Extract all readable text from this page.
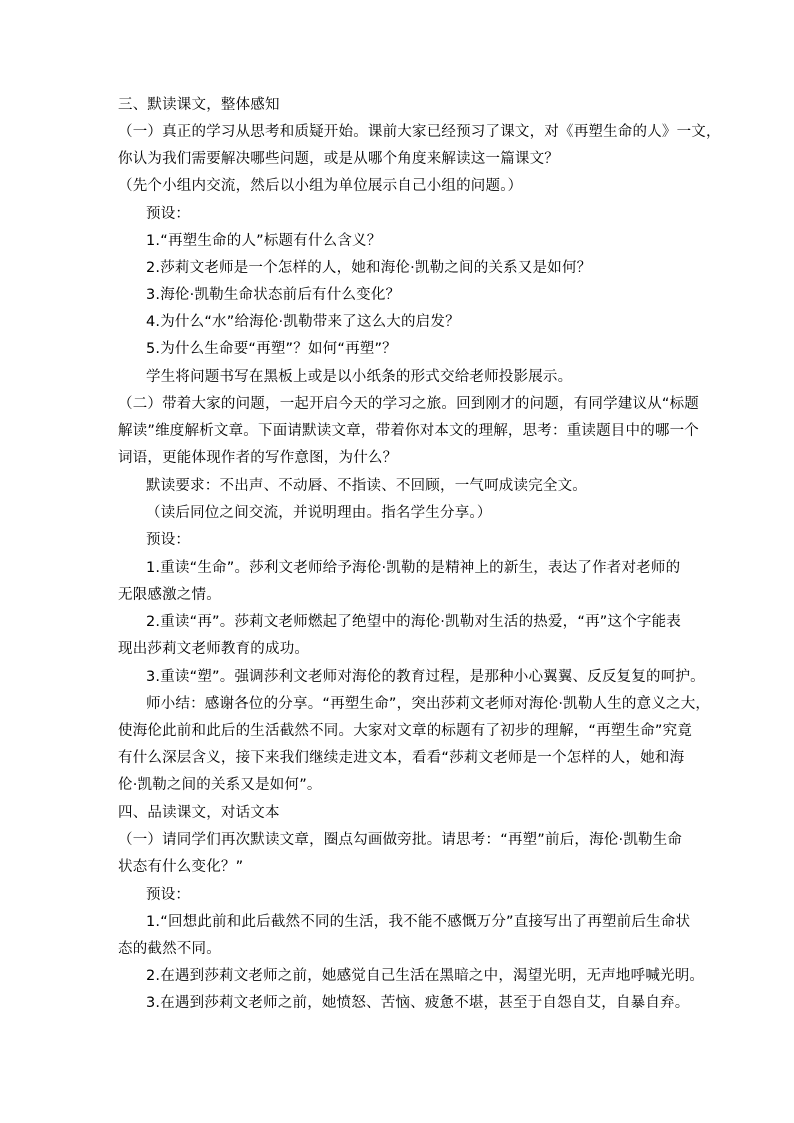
三、默读课文，整体感知
（一）真正的学习从思考和质疑开始。课前大家已经预习了课文，对《再塑生命的人》一文，
你认为我们需要解决哪些问题，或是从哪个角度来解读这一篇课文？
（先个小组内交流，然后以小组为单位展示自己小组的问题。）
预设：
1.“再塑生命的人”标题有什么含义？
2.莎莉文老师是一个怎样的人，她和海伦·凯勒之间的关系又是如何？
3.海伦·凯勒生命状态前后有什么变化？
4.为什么“水”给海伦·凯勒带来了这么大的启发？
5.为什么生命要“再塑”？如何“再塑”？
学生将问题书写在黑板上或是以小纸条的形式交给老师投影展示。
（二）带着大家的问题，一起开启今天的学习之旅。回到刚才的问题，有同学建议从“标题
解读”维度解析文章。下面请默读文章，带着你对本文的理解，思考：重读题目中的哪一个
词语，更能体现作者的写作意图，为什么？
默读要求：不出声、不动唇、不指读、不回顾，一气呵成读完全文。
（读后同位之间交流，并说明理由。指名学生分享。）
预设：
1.重读“生命”。莎利文老师给予海伦·凯勒的是精神上的新生，表达了作者对老师的
无限感激之情。
2.重读“再”。莎莉文老师燃起了绝望中的海伦·凯勒对生活的热爱，“再”这个字能表
现出莎莉文老师教育的成功。
3.重读“塑”。强调莎利文老师对海伦的教育过程，是那种小心翼翼、反反复复的呵护。
师小结：感谢各位的分享。“再塑生命”，突出莎莉文老师对海伦·凯勒人生的意义之大，
使海伦此前和此后的生活截然不同。大家对文章的标题有了初步的理解，“再塑生命”究竟
有什么深层含义，接下来我们继续走进文本，看看“莎莉文老师是一个怎样的人，她和海
伦·凯勒之间的关系又是如何”。
四、品读课文，对话文本
（一）请同学们再次默读文章，圈点勾画做旁批。请思考：“再塑”前后，海伦·凯勒生命
状态有什么变化？”
预设：
1.“回想此前和此后截然不同的生活，我不能不感慨万分”直接写出了再塑前后生命状
态的截然不同。
2.在遇到莎莉文老师之前，她感觉自己生活在黑暗之中，渴望光明，无声地呼喊光明。
3.在遇到莎莉文老师之前，她愤怒、苦恼、疲惫不堪，甚至于自怨自艾，自暴自弃。
